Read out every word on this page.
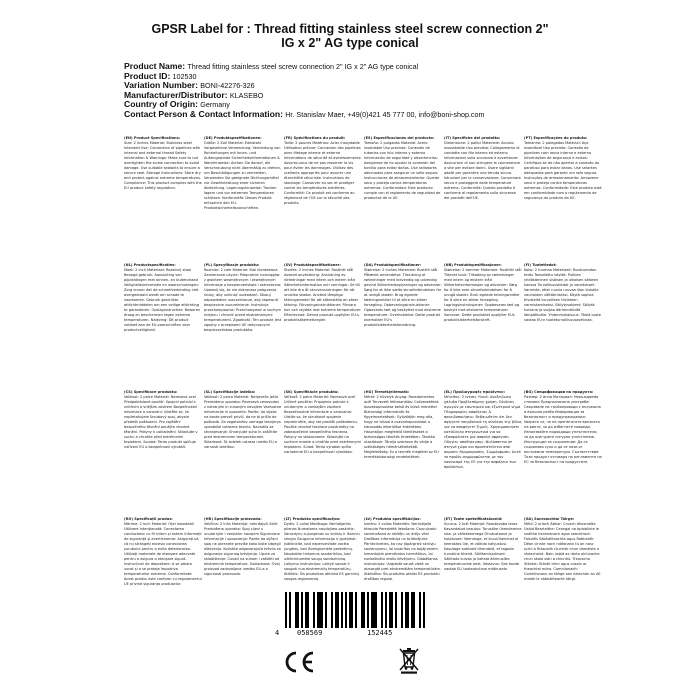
GPSR Label for : Thread fitting stainless steel screw connection 2"
IG x 2" AG type conical
Product Name: Thread fitting stainless steel screw connection 2" IG x 2" AG type conical
Product ID: 102530
Variation Number: BONI-42276-326
Manufacturer/Distributor: KLASEBO
Country of Origin: Germany
Contact Person & Contact Information: Hr. Stanislav Maer, +49(0)421 45 777 00, info@boni-shop.com
(EN) Product Specifications:
Size: 2 inches Material: Stainless steel Intended Use: Connection of pipelines with internal and external thread Safety Information & Warnings: Make sure to not overtighten the screw connection to avoid damage. Use suitable sealants to ensure a secure seal. Storage Instructions: Store dry and protect against extreme temperatures. Compliance: This product complies with the EU product safety regulation.
(DE) Produktspezifikationen:
Größe: 2 Zoll Material: Edelstahl Vorgesehene Verwendung: Verbindung von Rohrleitungen mit Innen- und Außengewinde Sicherheitsinformationen & Warnhinweise: Achten Sie darauf, die Verschraubung nicht übermäßig zu drehen, um Beschädigungen zu vermeiden. Verwenden Sie geeignete Dichtungsmittel zur Gewährleistung einer sicheren Abdichtung. Lagerungshinweise: Trocken lagern und vor extremen Temperaturen schützen. Konformität: Dieses Produkt entspricht den EU-Produktsicherheitsvorschriften.
(FR) Spécifications du produit:
Taille: 2 pouces Matériau: Acier inoxydable Utilisation prévue: Connexion des pipelines avec filetage interne et externe Informations de sécurité et avertissements: Assurez-vous de ne pas resserrer la vis pour éviter les dommages. Utilisez des scellants appropriés pour assurer une étanchéité sécurisée. Instructions de stockage: Conserver au sec et protéger contre les températures extrêmes. Conformité: Ce produit est conforme au règlement de l'UE sur la sécurité des produits.
(ES) Especificaciones del producto:
Tamaño: 2 pulgadas Material: Acero inoxidable Uso previsto: Conexión de tuberías con hilo interno y externo Información de seguridad y advertencias: Asegúrese de no ajustar la conexión del tornillo para evitar daños. Use selladores adecuados para asegurar un sello seguro. Instrucciones de almacenamiento: Guarde seco y proteja contra temperaturas extremas. Conformidad: Este producto cumple con el reglamento de seguridad de productos de la UE.
(IT) Specifiche del prodotto:
Dimensione: 2 pollici Materiale: Acciaio inossidabile Uso previsto: Collegamento di condotte con filo interno ed esterno Informazioni sulla sicurezza e avvertenze: Assicurarsi di non stringere la connessione a vite per evitare danni. Usare sigillanti adatti per garantire una tenuta sicura. Istruzioni per la conservazione: Conservare secco e proteggere dalle temperature estreme. Conformità: Questo prodotto è conforme al regolamento sulla sicurezza dei prodotti dell'UE.
(PT) Especificações do produto:
Tamanho: 2 polegadas Material: Aço inoxidável Uso previsto: Conexão de pipelines com rosca interna e externa Informações de segurança e avisos: Certifique-se de não apertar a conexão do parafuso para evitar danos. Use selantes adequados para garantir um selo seguro. Instruções de armazenamento: Armazene seco e proteja contra temperaturas extremas. Conformidade: Este produto está em conformidade com o regulamento de segurança do produto da UE.
(NL) Productspecificaties:
Maat: 2 inch Materiaal: Roestvrij staal Beoogd gebruik: Aansluiting van pijpleidingen met binnen- en buitendraad Veiligheidsinformatie en waarschuwingen: Zorg ervoor dat de schroefverbinding niet overgedraaid wordt om schade te voorkomen. Gebruik geschikte afdichtmiddelen om een veilige afdichting te garanderen. Opslaginstructies: Bewaren droog en beschermen tegen extreme temperaturen. Naleving: Dit product voldoet aan de EU-voorschriften voor productveiligheid.
(PL) Specyfikacje produktu:
Rozmiar: 2 cale Materiał: Stal nierdzewna Zamierzone użycie: Połączenie rurociągów z gwintem wewnętrznym i zewnętrznym Informacje o bezpieczeństwie i ostrzeżenia: Upewnij się, że nie dokręcasz połączenia śruby, aby uniknąć uszkodzeń. Stosuj odpowiednie uszczelniacze, aby zapewnić bezpieczne uszczelnienie. Instrukcje przechowywania: Przechowywać w suchym miejscu i chronić przed ekstremalnymi temperaturami. Zgodność: Ten produkt jest zgodny z przepisami UE dotyczącymi bezpieczeństwa produktów.
(SV) Produktspecifikationer:
Storlek: 2 inches Material: Rostfritt stål Avsedd användning: Anslutning av rörledningar med intern och extern tråd Säkerhetsinformation och varningar: Se till att inte dra åt skruvanslutningen för att undvika skador. Använd lämpliga tätningsmedel för att säkerställa en säker tätning. Förvaringsinstruktioner: Förvara torr och skydda mot extrema temperaturer. Efterlevnad: Denna produkt uppfyller EU:s produktsäkerhetsregler.
(DA) Produktspecifikationer:
Størrelse: 2 inches Materiale: Rustfrit stål Påtænkt anvendelse: Tilslutning af rørledninger med indvendig og udvendig gevind Sikkerhedsoplysninger og advarsler: Sørg for at ikke vælte skrueforbindelsen for at undgå skader. Brug egnede tætningsmidler til at sikre en sikker forsegling. Opbevaringsinstruktioner: Opbevares tørt og beskyttet mod ekstreme temperaturer. Overholdelse: Dette produkt overholder EU's produktsikkerhedsforordning.
(NB) Produktspesifikasjoner:
Størrelse: 2 tommer Materiale: Rustfritt stål Tiltenkt bruk: Tilkobling av rørledninger med intern og ekstern tråd Sikkerhetsinformasjon og advarsler: Sørg for å ikke over skrueforbindelsen for å unngå skader. Bruk egnede tetningsmidler for å sikre en sikker forsegling. Lagringsinstruksjoner: Oppbevares tørt og beskytt mot ekstreme temperaturer. Samsvar: Dette produktet oppfyller EUs produktsikkerhetsforskrift.
(FI) Tuotetiedot:
Koko: 2 tuumaa Materiaali: Ruostumaton teräs Tarkoitettu käyttö: Putkien yhdistäminen sisäisen ja ulkoisen säikeen kanssa Turvallisuustiedot ja varoitukset: Varmista, ettei ruuvia ruuvaa liian tiukalle vaurioiden välttämiseksi. Käytä sopivia tiivisteitä turvallisen tiivisteen varmistamiseksi. Säilytysohjeet: Säilytä kuivana ja suojaa äärimmäisiltä lämpötiloilta. Yhdenmukaisuus: Tämä tuote vastaa EU:n tuoteturvallisuusasetusta.
(CS) Specifikace produktu:
Velikost: 2 palce Materiál: Nerezová ocel Předpokládané použití: Spojení potrubí s vnitřním a vnějším závitem Bezpečnostní informace a varování: Ujistěte se, že nepřetahujete šroubový spoj, abyste předešli poškození. Pro zajištění bezpečného těsnění použijte vhodné těsnění. Pokyny k uskladnění: Skladujte v suchu a chraňte před extrémními teplotami. Soulad: Tento produkt splňuje nařízení EU o bezpečnosti výrobků.
(SL) Specifikacije izdelka:
Velikost: 2 palca Material: Nerjaveče jeklo Predvidena uporaba: Povezava cevovodov z notranjim in zunanjim navojem Varnostne informacije in opozorila: Pazite, da vijaka ne boste preveč privili, da ne bi prišlo do poškodb. Za zagotovitev varnega tesnjenja uporabite ustrezna tesnila. Navodila za shranjevanje: Shranjujte suho in zaščitite pred ekstremnimi temperaturami. Skladnost: Ta izdelek ustreza uredbi EU o varnosti izdelkov.
(SK) Špecifikácie produktu:
Veľkosť: 2 palce Materiál: Nerezová oceľ Určené použitie: Pripojenie potrubí s vnútorným a vonkajším závitom Bezpečnostné informácie a varovania: Uistite sa, že skrutkové spojenie neprekrútite, aby ste predišli poškodeniu. Použite vhodné tesniace prostriedky na zabezpečenie bezpečného tesnenia. Pokyny na skladovanie: Skladujte na suchom mieste a chráňte pred extrémnymi teplotami. Súlad: Tento výrobok spĺňa nariadenie EÚ o bezpečnosti výrobkov.
(HU) Termékjellemzők:
Méret: 2 hüvelyk Anyag: Rozsdamentes acél Tervezett felhasználás: Csővezetékek összekapcsolása belső és külső menettel Biztonsági információk és figyelmeztetések: Győződjön meg róla, hogy ne túlzza a csavarkapcsolatot a károsodás elkerülése érdekében. Használjon megfelelő tömítéseket a biztonságos tömítés érdekében. Tárolási utasítások: Tárolja szárazon és védje a szélsőséges hőmérsékletektől. Megfelelőség: Ez a termék megfelel az EU termékbiztonsági rendeletének.
(EL) Προδιαγραφές προϊόντος:
Μέγεθος: 2 ίντσες Υλικό: Ανοξείδωτο χάλυβα Προβλεπόμενη χρήση: Σύνδεση αγωγών με εσωτερικό και εξωτερικό νήμα Πληροφορίες ασφάλειας & προειδοποιήσεις: Βεβαιωθείτε ότι δεν σφίγγετε υπερβολικά τη σύνδεση της βίδας για να αποφύγετε ζημιές. Χρησιμοποιήστε κατάλληλα στεγανωτικά για να εξασφαλίσετε μια ασφαλή σφράγιση. Οδηγίες αποθήκευσης: Φυλάσσεται σε στεγνό χώρο και προστατεύεται από ακραίες θερμοκρασίες. Συμμόρφωση: Αυτό το προϊόν συμμορφώνεται με τον κανονισμό της ΕΕ για την ασφάλεια των προϊόντων.
(BG) Спецификации на продукта:
Размер: 2 инча Материал: Неръждаема стомана Предназначена употреба: Свързване на тръбопроводи с вътрешна и външна резба Информация за безопасност и предупреждения: Уверете се, че не пренатягате връзката на винта, за да избегнете повреди. Използвайте подходящи уплътнители, за да осигурите сигурно уплътнение. Инструкции за съхранение: Да се съхранява сухо и да се пази от екстремни температури. Съответствие: Този продукт отговаря на регламента на ЕС за безопасност на продуктите.
(RO) Specificații produs:
Mărime: 2 inch Material: Oțel inoxidabil Utilizare intenționată: Conectarea conductelor cu fir intern și extern Informații de siguranță și avertismente: Asigurați-vă că nu strângeți excesiv conexiunea șurubului pentru a evita deteriorarea. Utilizați materiale de etanșare adecvate pentru a asigura o etanșare sigură. Instrucțiuni de depozitare: A se păstra uscat și a se proteja împotriva temperaturilor extreme. Conformitate: Acest produs este conform cu regulamentul UE privind siguranța produselor.
(HR) Specifikacije proizvoda:
Veličina: 2 inča Materijal: nehrđajući čelik Predviđena uporaba: Spoj cijevi s unutarnjim i vanjskim navojem Sigurnosne informacije i upozorenja: Pazite da vijčani spoj ne okrenete previše kako biste izbjegli oštećenja. Koristite odgovarajuća brtvila za osiguranje sigurnog brtvljenja. Upute za skladištenje: Čuvati na suhom i zaštititi od ekstremnih temperatura. Sukladnost: Ovaj proizvod zadovoljava uredbu EU-a o sigurnosti proizvoda.
(LT) Produkto specifikacijos:
Dydis: 2 coliai Medžiaga: Nerūdijantis plienas Numatoma naudojimo paskirtis: Vamzdynų sujungimas su vidiniu ir išoriniu sriegiu Saugumo informacija ir įspėjimai: Įsitikinkite, kad neperveržiate varžto jungties, kad išvengtumėte pažeidimų. Naudokite tinkamus sandariklius, kad užtikrintumėte saugų sandarinimą. Laikymo instrukcijos: Laikyti sausai ir saugoti nuo ekstremalių temperatūrų. Atitiktis: Šis produktas atitinka ES gaminių saugos reglamentą.
(LV) Produkta specifikācijas:
Izmērs: 2 collas Materiāls: Nerūsējošā tērauda Paredzētā lietošana: Cauruļvadu savienošana ar iekšēju un ārēju vītni Drošības informācija un brīdinājumi: Pārliecinieties, ka nav jāpārgriež skrūvju savienojumu, lai izvairītos no bojājumiem. Izmantojiet piemērotus hermētiķus, lai nodrošinātu drošu blīvējumu. Glabāšanas instrukcijas: Uzglabāt sausā vietā un aizsargāt pret ekstremālām temperatūrām. Atbilstība: Šis produkts atbilst ES produktu drošības regulai.
(ET) Toote spetsifikatsioonid:
Suurus: 2 tolli Materjal: Roostevaba teras Kavandatud kasutus: Torustike ühendamine sise- ja väliskeermega Ohutusteave ja hoiatused: Veenduge, et kruviühendust ei keerataks üle, et vältida kahjustusi. Kasutage sobivaid tihendeid, et tagada turvaline tihend. Säilitamisjuhised: Säilitada kuivas ja kaitsta äärmuslike temperatuuride eest. Vastavus: See toode vastab ELi tooteohutuse määrusele.
(GA) Sonraíochtaí Táirge:
Méid: 2 orlach Ábhar: Cruach dhosmálta Úsáid Beartaithe: Ceangal na bpíoblínte le snáithe inmheánach agus seachtrach Faisnéis Sábháilteachta agus Rabhaidh: Déan cinnte nach ndéanann tú an nasc scriú a fháscadh ró-mhór chun damáiste a sheachaint. Bain úsáid as rónta oiriúnacha chun séala slán a chinntiú. Treoracha Stórála: Stóráil tirim agus cosain ar theochtaí móra. Comhlíonadh: Comhlíonann an táirge seo rialachán an AE maidir le sábháilteacht táirgí.
4	058569	152445
